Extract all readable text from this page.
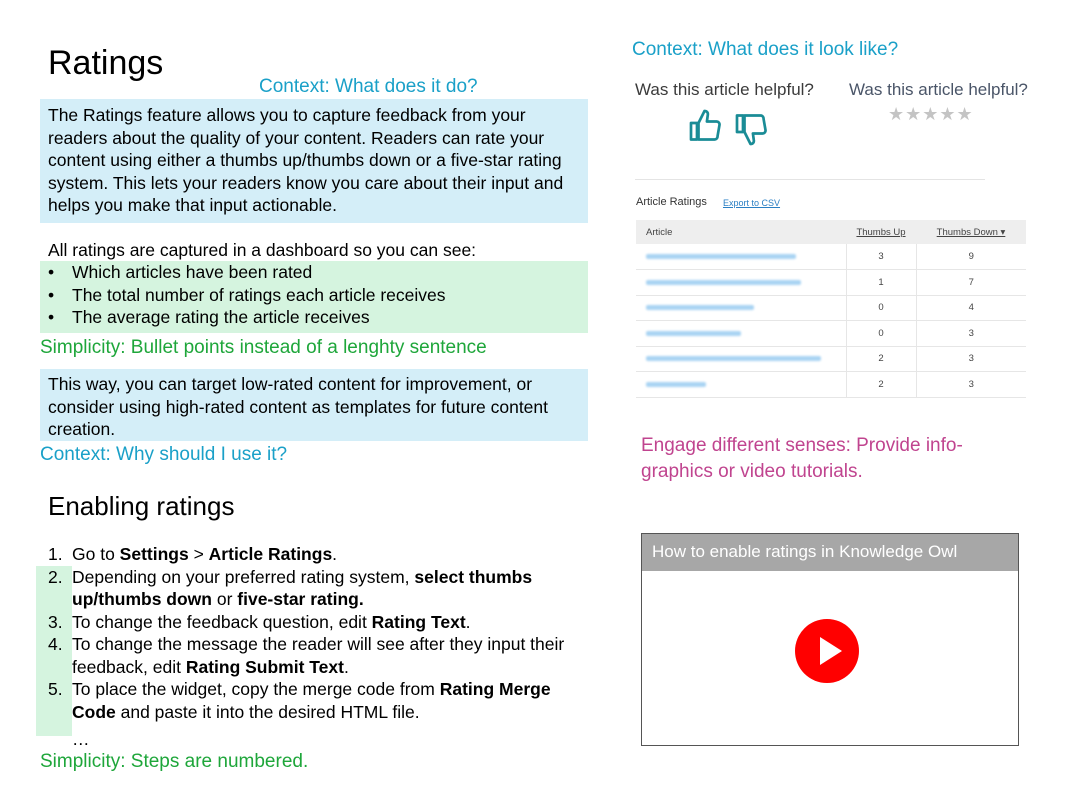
Ratings
Context: What does it do?
The Ratings feature allows you to capture feedback from your readers about the quality of your content. Readers can rate your content using either a thumbs up/thumbs down or a five-star rating system. This lets your readers know you care about their input and helps you make that input actionable.
All ratings are captured in a dashboard so you can see:
• Which articles have been rated
• The total number of ratings each article receives
• The average rating the article receives
Simplicity: Bullet points instead of a lenghty sentence
This way, you can target low-rated content for improvement, or consider using high-rated content as templates for future content creation.
Context: Why should I use it?
Enabling ratings
1. Go to Settings > Article Ratings.
2. Depending on your preferred rating system, select thumbs up/thumbs down or five-star rating.
3. To change the feedback question, edit Rating Text.
4. To change the message the reader will see after they input their feedback, edit Rating Submit Text.
5. To place the widget, copy the merge code from Rating Merge Code and paste it into the desired HTML file.
…
Simplicity: Steps are numbered.
Context: What does it look like?
Was this article helpful? Was this article helpful?
★★★★★
Article Ratings Export to CSV
Article	Thumbs Up	Thumbs Down ▾
	3	9
	1	7
	0	4
	0	3
	2	3
	2	3
Engage different senses: Provide info-
graphics or video tutorials.
How to enable ratings in Knowledge Owl
